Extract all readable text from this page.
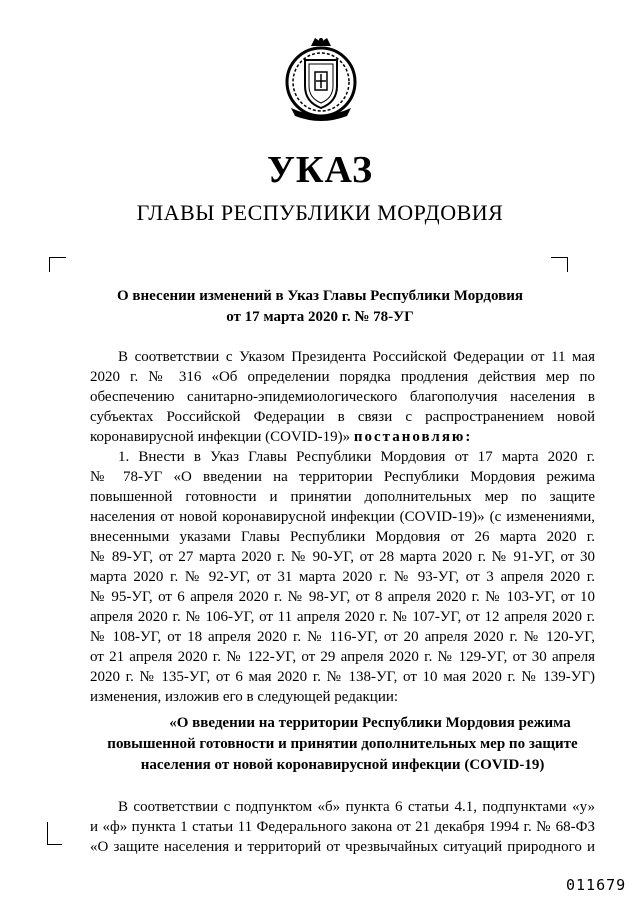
УКАЗ
ГЛАВЫ РЕСПУБЛИКИ МОРДОВИЯ
О внесении изменений в Указ Главы Республики Мордовия
от 17 марта 2020 г. № 78-УГ
В соответствии с Указом Президента Российской Федерации от 11 мая
2020 г. № 316 «Об определении порядка продления действия мер по
обеспечению санитарно-эпидемиологического благополучия населения в
субъектах Российской Федерации в связи с распространением новой
коронавирусной инфекции (COVID-19)» постановляю:
1. Внести в Указ Главы Республики Мордовия от 17 марта 2020 г.
№ 78-УГ «О введении на территории Республики Мордовия режима
повышенной готовности и принятии дополнительных мер по защите
населения от новой коронавирусной инфекции (COVID-19)» (с изменениями,
внесенными указами Главы Республики Мордовия от 26 марта 2020 г.
№ 89-УГ, от 27 марта 2020 г. № 90-УГ, от 28 марта 2020 г. № 91-УГ, от 30
марта 2020 г. № 92-УГ, от 31 марта 2020 г. № 93-УГ, от 3 апреля 2020 г.
№ 95-УГ, от 6 апреля 2020 г. № 98-УГ, от 8 апреля 2020 г. № 103-УГ, от 10
апреля 2020 г. № 106-УГ, от 11 апреля 2020 г. № 107-УГ, от 12 апреля 2020 г.
№ 108-УГ, от 18 апреля 2020 г. № 116-УГ, от 20 апреля 2020 г. № 120-УГ,
от 21 апреля 2020 г. № 122-УГ, от 29 апреля 2020 г. № 129-УГ, от 30 апреля
2020 г. № 135-УГ, от 6 мая 2020 г. № 138-УГ, от 10 мая 2020 г. № 139-УГ)
изменения, изложив его в следующей редакции:
«О введении на территории Республики Мордовия режима
повышенной готовности и принятии дополнительных мер по защите
населения от новой коронавирусной инфекции (COVID-19)
В соответствии с подпунктом «б» пункта 6 статьи 4.1, подпунктами «у»
и «ф» пункта 1 статьи 11 Федерального закона от 21 декабря 1994 г. № 68-ФЗ
«О защите населения и территорий от чрезвычайных ситуаций природного и
011679
